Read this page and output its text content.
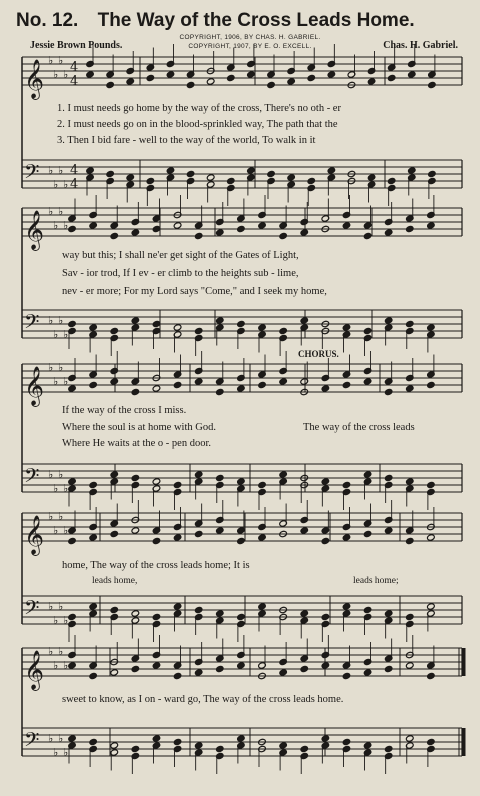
No. 12. The Way of the Cross Leads Home.
Jessie Brown Pounds.
COPYRIGHT, 1906, BY CHAS. H. GABRIEL.
COPYRIGHT, 1907, BY E. O. EXCELL.	Chas. H. Gabriel.
𝄞
𝄢
♭
♭
♭
♭
♭
♭
♭
♭
4
4
4
4
𝄞
𝄢
♭
♭
♭
♭
♭
♭
♭
♭
𝄞
𝄢
♭
♭
♭
♭
♭
♭
♭
♭
𝄞
𝄢
♭
♭
♭
♭
♭
♭
♭
♭
𝄞
𝄢
♭
♭
♭
♭
♭
♭
♭
♭
1. I must needs go home by the way of the cross, There's no oth - er
2. I must needs go on in the blood-sprinkled way, The path that the
3. Then I bid fare - well to the way of the world, To walk in it
way but this; I shall ne'er get sight of the Gates of Light,
Sav - ior trod, If I ev - er climb to the heights sub - lime,
nev - er more; For my Lord says "Come," and I seek my home,
CHORUS.
If the way of the cross I miss.
Where the soul is at home with God.
Where He waits at the o - pen door.
The way of the cross leads
home, The way of the cross leads home; It is
leads home,	leads home;
sweet to know, as I on - ward go, The way of the cross leads home.
